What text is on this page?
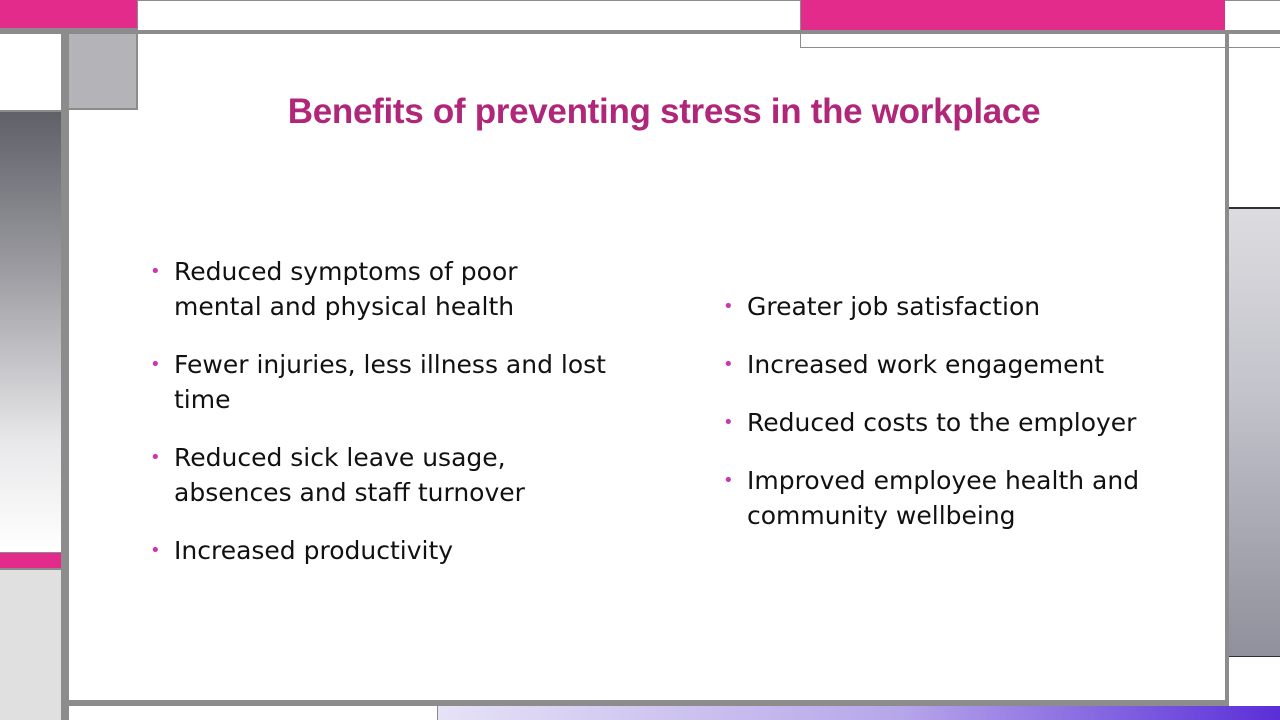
Benefits of preventing stress in the workplace
• Reduced symptoms of poor mental and physical health
• Fewer injuries, less illness and lost time
• Reduced sick leave usage, absences and staff turnover
• Increased productivity
• Greater job satisfaction
• Increased work engagement
• Reduced costs to the employer
• Improved employee health and community wellbeing
